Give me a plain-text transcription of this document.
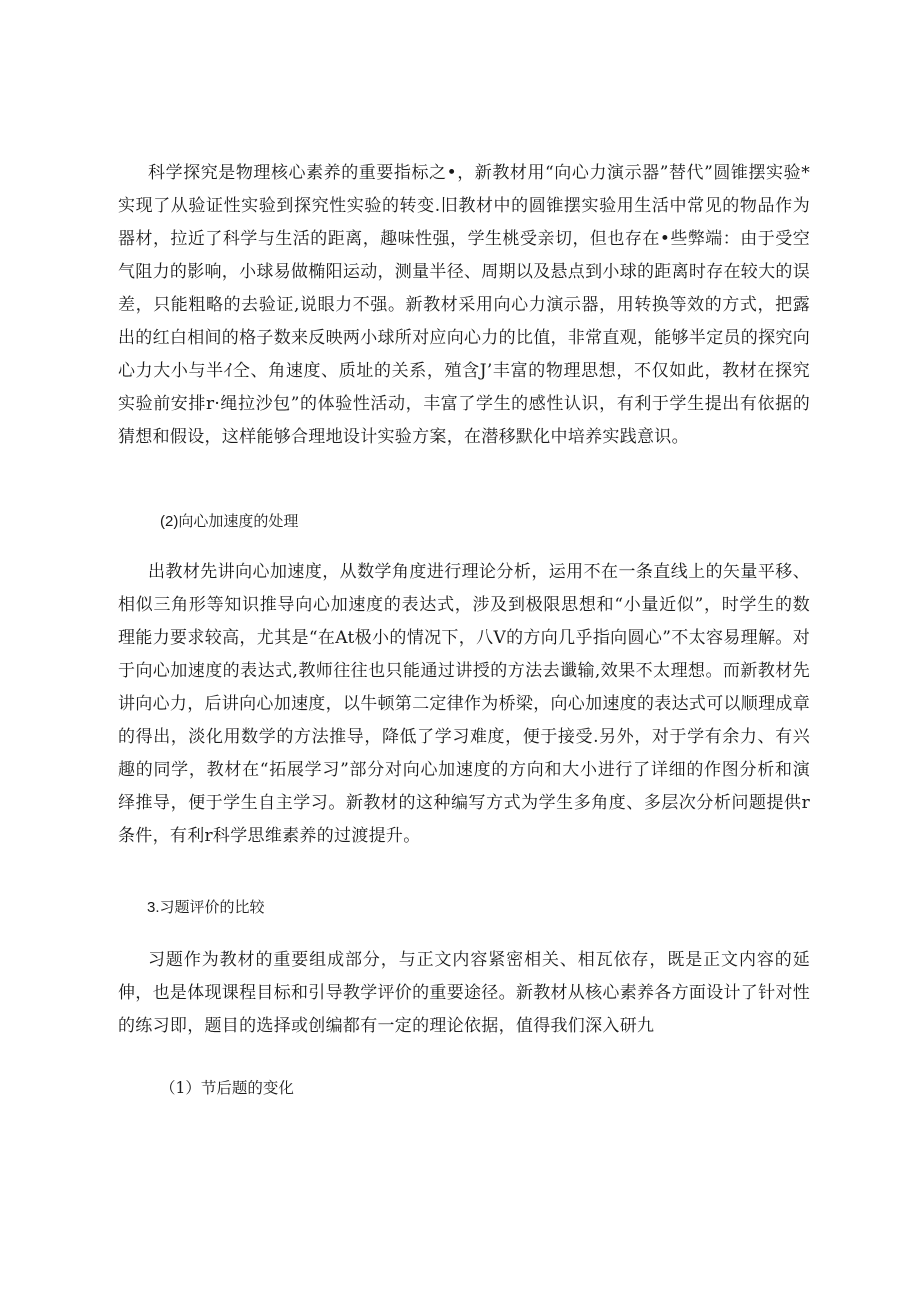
科学探究是物理核心素养的重要指标之•，新教材用“向心力演示器”替代”圆锥摆实验*实现了从验证性实验到探究性实验的转变.旧教材中的圆锥摆实验用生活中常见的物品作为器材，拉近了科学与生活的距离，趣味性强，学生桃受亲切，但也存在•些弊端：由于受空气阻力的影响，小球易做椭阳运动，测量半径、周期以及悬点到小球的距离时存在较大的误差，只能粗略的去验证,说眼力不强。新教材采用向心力演示器，用转换等效的方式，把露出的红白相间的格子数来反映两小球所对应向心力的比值，非常直观，能够半定员的探究向心力大小与半ｲ仝、角速度、质址的关系，殖含J’丰富的物理思想，不仅如此，教材在探究实验前安排r·绳拉沙包”的体验性活动，丰富了学生的感性认识，有利于学生提出有依据的猜想和假设，这样能够合理地设计实验方案，在潜移默化中培养实践意识。

(2)向心加速度的处理

出教材先讲向心加速度，从数学角度进行理论分析，运用不在一条直线上的矢量平移、相似三角形等知识推导向心加速度的表达式，涉及到极限思想和“小量近似”，时学生的数理能力要求较高，尤其是“在At极小的情况下，八V的方向几乎指向圆心”不太容易理解。对于向心加速度的表达式,教师往往也只能通过讲授的方法去谶输,效果不太理想。而新教材先讲向心力，后讲向心加速度，以牛顿第二定律作为桥梁，向心加速度的表达式可以顺理成章的得出，淡化用数学的方法推导，降低了学习难度，便于接受.另外，对于学有余力、有兴趣的同学，教材在“拓展学习”部分对向心加速度的方向和大小进行了详细的作图分析和演绎推导，便于学生自主学习。新教材的这种编写方式为学生多角度、多层次分析问题提供r条件，有利r科学思维素养的过渡提升。

3.习题评价的比较

习题作为教材的重要组成部分，与正文内容紧密相关、相瓦依存，既是正文内容的延伸，也是体现课程目标和引导教学评价的重要途径。新教材从核心素养各方面设计了针对性的练习即，题目的选择或创编都有一定的理论依据，值得我们深入研九

（1）节后题的变化
